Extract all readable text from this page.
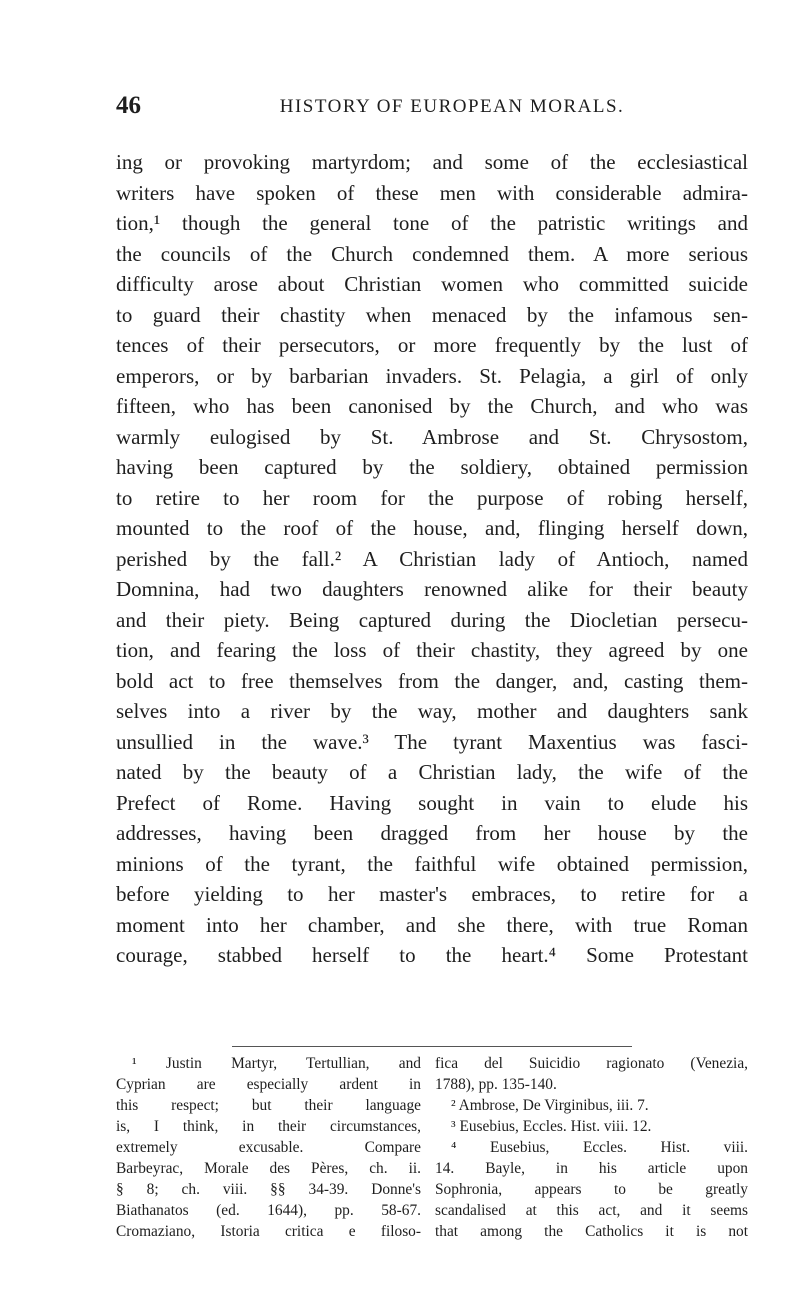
46	HISTORY OF EUROPEAN MORALS.
ing or provoking martyrdom; and some of the ecclesiastical
writers have spoken of these men with considerable admira-
tion,¹ though the general tone of the patristic writings and
the councils of the Church condemned them. A more serious
difficulty arose about Christian women who committed suicide
to guard their chastity when menaced by the infamous sen-
tences of their persecutors, or more frequently by the lust of
emperors, or by barbarian invaders. St. Pelagia, a girl of only
fifteen, who has been canonised by the Church, and who was
warmly eulogised by St. Ambrose and St. Chrysostom,
having been captured by the soldiery, obtained permission
to retire to her room for the purpose of robing herself,
mounted to the roof of the house, and, flinging herself down,
perished by the fall.² A Christian lady of Antioch, named
Domnina, had two daughters renowned alike for their beauty
and their piety. Being captured during the Diocletian persecu-
tion, and fearing the loss of their chastity, they agreed by one
bold act to free themselves from the danger, and, casting them-
selves into a river by the way, mother and daughters sank
unsullied in the wave.³ The tyrant Maxentius was fasci-
nated by the beauty of a Christian lady, the wife of the
Prefect of Rome. Having sought in vain to elude his
addresses, having been dragged from her house by the
minions of the tyrant, the faithful wife obtained permission,
before yielding to her master's embraces, to retire for a
moment into her chamber, and she there, with true Roman
courage, stabbed herself to the heart.⁴ Some Protestant
¹ Justin Martyr, Tertullian, and
Cyprian are especially ardent in
this respect; but their language
is, I think, in their circumstances,
extremely excusable. Compare
Barbeyrac, Morale des Pères, ch. ii.
§ 8; ch. viii. §§ 34-39. Donne's
Biathanatos (ed. 1644), pp. 58-67.
Cromaziano, Istoria critica e filoso-
fica del Suicidio ragionato (Venezia,
1788), pp. 135-140.
² Ambrose, De Virginibus, iii. 7.
³ Eusebius, Eccles. Hist. viii. 12.
⁴ Eusebius, Eccles. Hist. viii.
14. Bayle, in his article upon
Sophronia, appears to be greatly
scandalised at this act, and it seems
that among the Catholics it is not
